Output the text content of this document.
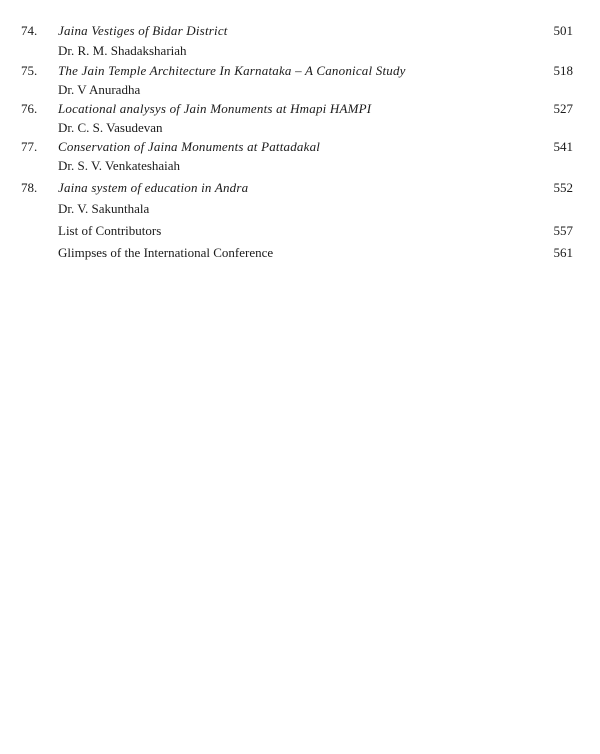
74. Jaina Vestiges of Bidar District	501
Dr. R. M. Shadakshariah
75. The Jain Temple Architecture In Karnataka – A Canonical Study	518
Dr. V Anuradha
76. Locational analysys of Jain Monuments at Hmapi HAMPI	527
Dr. C. S. Vasudevan
77. Conservation of Jaina Monuments at Pattadakal	541
Dr. S. V. Venkateshaiah
78. Jaina system of education in Andra	552
Dr. V. Sakunthala
List of Contributors	557
Glimpses of the International Conference	561
